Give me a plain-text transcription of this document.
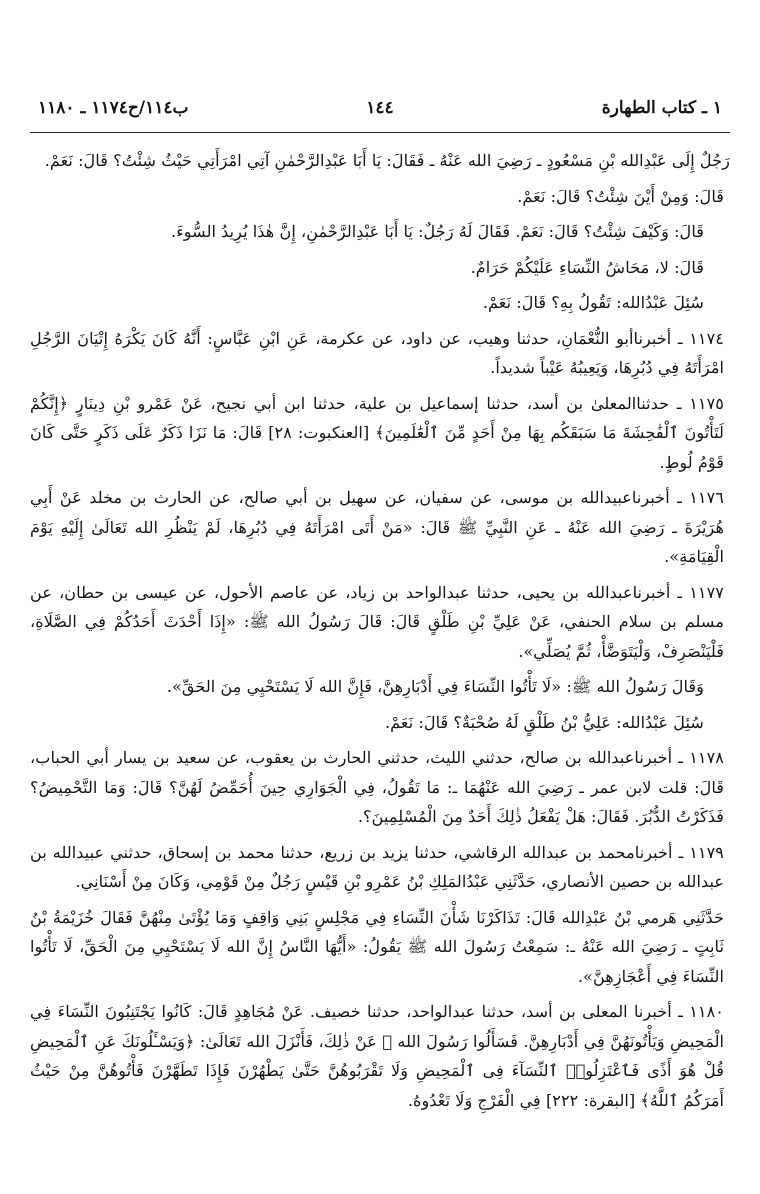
١ ـ كتاب الطهارة
١٤٤
ب١١٤/ح١١٧٤ ـ ١١٨٠

رَجُلٌ إِلَى عَبْدِالله بْنِ مَسْعُودٍ ـ رَضِيَ الله عَنْهُ ـ فَقَالَ: يَا أَبَا عَبْدِالرَّحْمٰنِ آتِي امْرَأَتِي حَيْثُ شِئْتُ؟ قَالَ: نَعَمْ.

قَالَ: وَمِنْ أَيْنَ شِئْتُ؟ قَالَ: نَعَمْ.

قَالَ: وَكَيْفَ شِئْتُ؟ قَالَ: نَعَمْ. فَقَالَ لَهُ رَجُلٌ: يَا أَبَا عَبْدِالرَّحْمٰنِ، إِنَّ هٰذَا يُرِيدُ السُّوءَ.

قَالَ: لا، مَحَاشُ النِّسَاءِ عَلَيْكُمْ حَرَامٌ.

سُئِلَ عَبْدُالله: تَقُولُ بِهِ؟ قَالَ: نَعَمْ.

١١٧٤ ـ أخبرناأبو النُّعْمَانِ، حدثنا وهيب، عن داود، عن عكرمة، عَنِ ابْنِ عَبَّاسٍ: أَنَّهُ كَانَ يَكْرَهُ إِتْيَانَ الرَّجُلِ امْرَأَتَهُ فِي دُبُرِهَا، وَيَعِيبُهُ عَيْباً شديداً.

١١٧٥ ـ حدثناالمعلىٰ بن أسد، حدثنا إسماعيل بن علية، حدثنا ابن أبي نجيح، عَنْ عَمْرو بْنِ دِينَارٍ ﴿إِنَّكُمْ لَتَأْتُونَ ٱلْفَٰحِشَةَ مَا سَبَقَكُم بِهَا مِنْ أَحَدٍ مِّنَ ٱلْعَٰلَمِينَ﴾ [العنكبوت: ٢٨] قَالَ: مَا نَزَا ذَكَرٌ عَلَى ذَكَرٍ حَتَّى كَانَ قَوْمُ لُوطٍ.

١١٧٦ ـ أخبرناعبيدالله بن موسى، عن سفيان، عن سهيل بن أبي صالح، عن الحارث بن مخلد عَنْ أَبِي هُرَيْرَةَ ـ رَضِيَ الله عَنْهُ ـ عَنِ النَّبِيِّ ﷺ قَالَ: «مَنْ أَتَى امْرَأَتَهُ فِي دُبُرِهَا، لَمْ يَنْظُرِ الله تَعَالَىٰ إِلَيْهِ يَوْمَ الْقِيَامَةِ».

١١٧٧ ـ أخبرناعبدالله بن يحيى، حدثنا عبدالواحد بن زياد، عن عاصم الأحول، عن عيسى بن حطان، عن مسلم بن سلام الحنفي، عَنْ عَلِيِّ بْنِ طَلْقٍ قَالَ: قَالَ رَسُولُ الله ﷺ: «إِذَا أَحْدَثَ أَحَدُكُمْ فِي الصَّلَاةِ، فَلْيَنْصَرِفْ، وَلْيَتَوَضَّأْ، ثُمَّ يُصَلِّي».

وَقَالَ رَسُولُ الله ﷺ: «لَا تَأْتُوا النِّسَاءَ فِي أَدْبَارِهِنَّ، فَإِنَّ الله لَا يَسْتَحْيِي مِنَ الحَقِّ».

سُئِلَ عَبْدُالله: عَلِيُّ بْنُ طَلْقٍ لَهُ صُحْبَةٌ؟ قَالَ: نَعَمْ.

١١٧٨ ـ أخبرناعبدالله بن صالح، حدثني الليث، حدثني الحارث بن يعقوب، عن سعيد بن يسار أبي الحباب، قَالَ: قلت لابن عمر ـ رَضِيَ الله عَنْهُمَا ـ: مَا تَقُولُ، فِي الْجَوَارِي حِينَ أُحَمِّضُ لَهُنَّ؟ قَالَ: وَمَا التَّحْمِيضُ؟ فَذَكَرْتُ الدُّبُرَ. فَقَالَ: هَلْ يَفْعَلُ ذٰلِكَ أَحَدٌ مِنَ الْمُسْلِمِينَ؟.

١١٧٩ ـ أخبرنامحمد بن عبدالله الرقاشي، حدثنا يزيد بن زريع، حدثنا محمد بن إسحاق، حدثني عبيدالله بن عبدالله بن حصين الأنصاري، حَدَّثَنِي عَبْدُالمَلِكِ بْنُ عَمْرِو بْنِ قَيْسٍ رَجُلٌ مِنْ قَوْمِي، وَكَانَ مِنْ أَسْنَانِي.

حَدَّثَنِي هَرمي بْنُ عَبْدِالله قَالَ: تَذَاكَرْنَا شَأْنَ النِّسَاءِ فِي مَجْلِسٍ بَنِي وَاقِفٍ وَمَا يُؤْتَىٰ مِنْهُنَّ فَقَالَ خُزَيْمَةُ بْنُ ثَابِتٍ ـ رَضِيَ الله عَنْهُ ـ: سَمِعْتُ رَسُولَ الله ﷺ يَقُولُ: «أَيُّهَا النَّاسُ إِنَّ الله لَا يَسْتَحْيِي مِنَ الْحَقِّ، لَا تَأْتُوا النِّسَاءَ فِي أَعْجَازِهِنَّ».

١١٨٠ ـ أخبرنا المعلى بن أسد، حدثنا عبدالواحد، حدثنا خصيف. عَنْ مُجَاهِدٍ قَالَ: كَانُوا يَجْتَنِبُونَ النِّسَاءَ فِي الْمَحِيضِ وَيَأْتُونَهُنَّ فِي أَدْبَارِهِنَّ. فَسَأَلُوا رَسُولَ الله ﷺ عَنْ ذٰلِكَ، فَأَنْزَلَ الله تَعَالَىٰ: ﴿وَيَسْـَٔلُونَكَ عَنِ ٱلْمَحِيضِ قُلْ هُوَ أَذًى فَٱعْتَزِلُوا۟ ٱلنِّسَآءَ فِى ٱلْمَحِيضِ وَلَا تَقْرَبُوهُنَّ حَتَّىٰ يَطْهُرْنَ فَإِذَا تَطَهَّرْنَ فَأْتُوهُنَّ مِنْ حَيْثُ أَمَرَكُمُ ٱللَّهُ﴾ [البقرة: ٢٢٢] فِي الْفَرْجِ وَلَا تَعْدُوهُ.
